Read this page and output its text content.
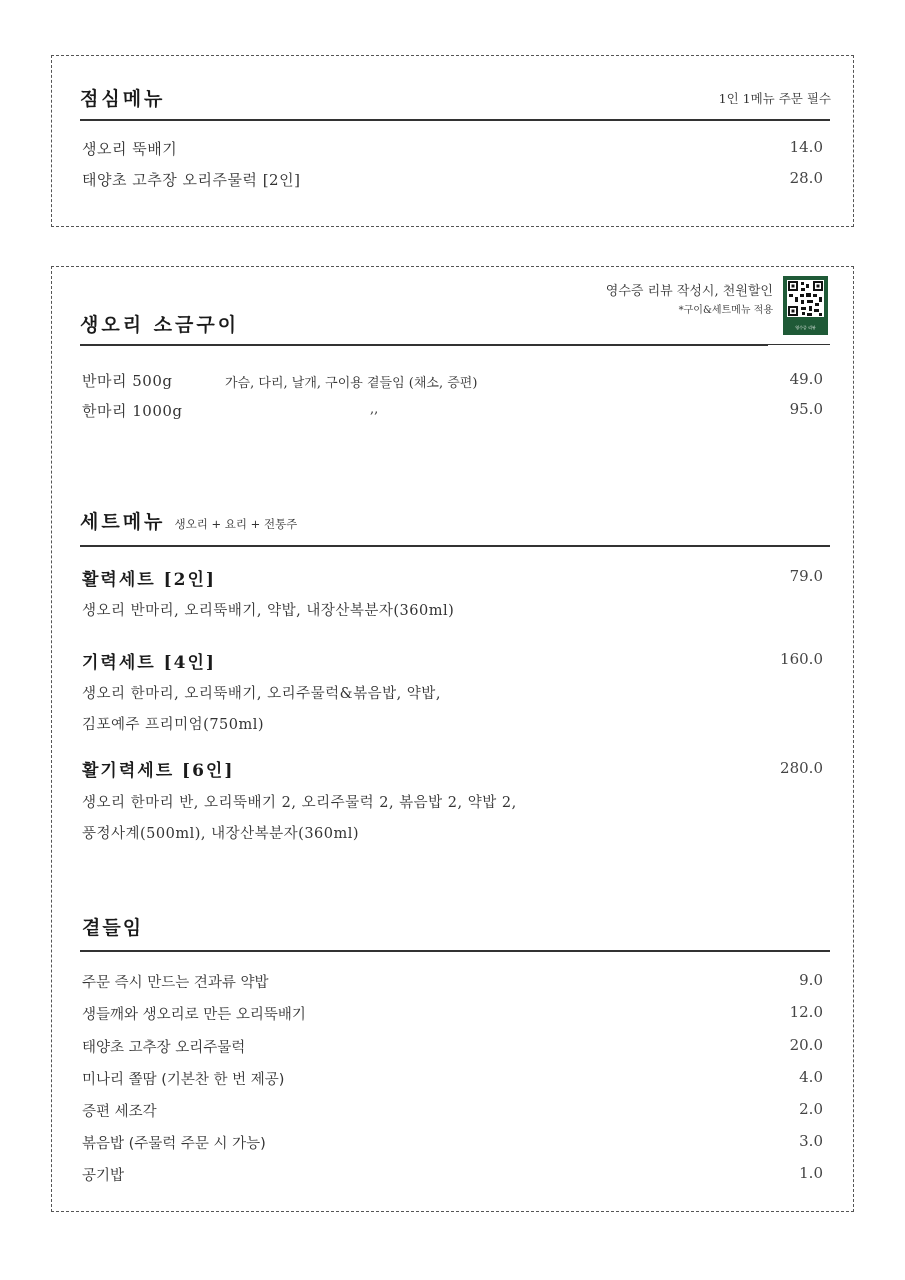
점심메뉴	1인 1메뉴 주문 필수
생오리 뚝배기	14.0
태양초 고추장 오리주물럭 [2인]	28.0
생오리 소금구이
영수증 리뷰 작성시, 천원할인
*구이&세트메뉴 적용
영수증 리뷰
반마리 500g	가슴, 다리, 날개, 구이용 곁들임 (채소, 증편)	49.0
한마리 1000g	,,	95.0
세트메뉴 생오리 + 요리 + 전통주
활력세트 [2인]	79.0
생오리 반마리, 오리뚝배기, 약밥, 내장산복분자(360ml)
기력세트 [4인]	160.0
생오리 한마리, 오리뚝배기, 오리주물럭&볶음밥, 약밥,
김포예주 프리미엄(750ml)
활기력세트 [6인]	280.0
생오리 한마리 반, 오리뚝배기 2, 오리주물럭 2, 볶음밥 2, 약밥 2,
풍정사계(500ml), 내장산복분자(360ml)
곁들임
주문 즉시 만드는 견과류 약밥	9.0
생들깨와 생오리로 만든 오리뚝배기	12.0
태양초 고추장 오리주물럭	20.0
미나리 쫄땀 (기본찬 한 번 제공)	4.0
증편 세조각	2.0
볶음밥 (주물럭 주문 시 가능)	3.0
공기밥	1.0
